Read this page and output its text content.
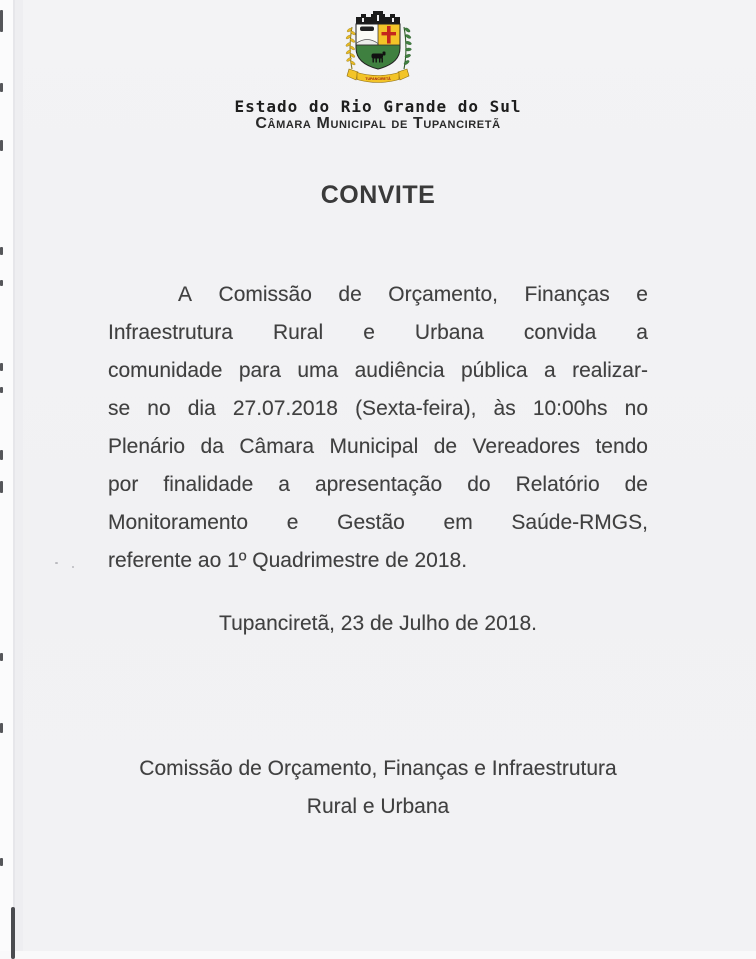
TUPANCIRETÃ
Estado do Rio Grande do Sul
Câmara Municipal de Tupanciretã
CONVITE
A Comissão de Orçamento, Finanças e
Infraestrutura Rural e Urbana convida a
comunidade para uma audiência pública a realizar-
se no dia 27.07.2018 (Sexta-feira), às 10:00hs no
Plenário da Câmara Municipal de Vereadores tendo
por finalidade a apresentação do Relatório de
Monitoramento e Gestão em Saúde-RMGS,
referente ao 1º Quadrimestre de 2018.
Tupanciretã, 23 de Julho de 2018.
Comissão de Orçamento, Finanças e Infraestrutura
Rural e Urbana
